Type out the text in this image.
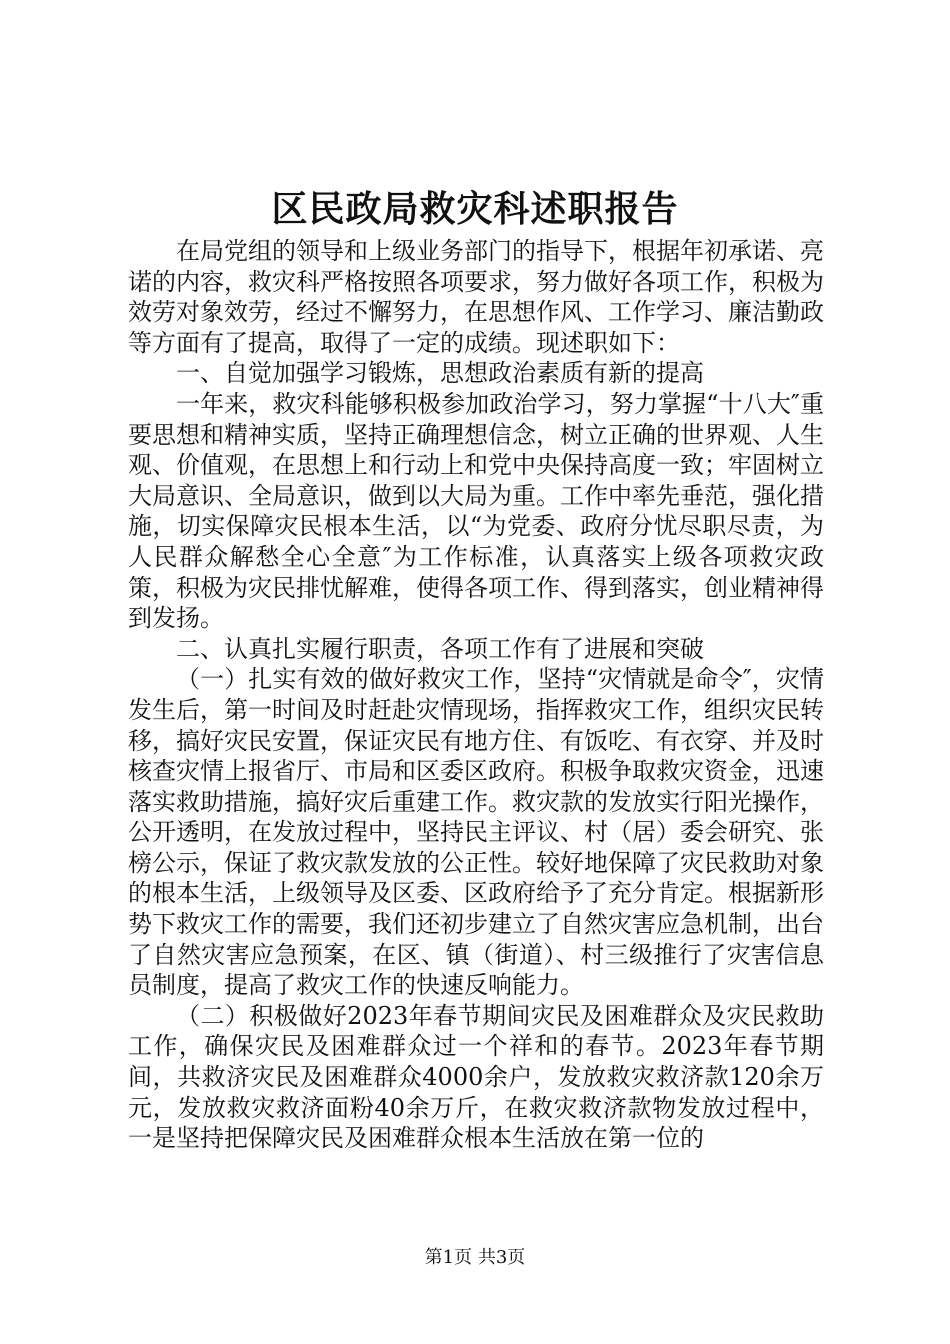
区民政局救灾科述职报告

在局党组的领导和上级业务部门的指导下，根据年初承诺、亮诺的内容，救灾科严格按照各项要求，努力做好各项工作，积极为效劳对象效劳，经过不懈努力，在思想作风、工作学习、廉洁勤政等方面有了提高，取得了一定的成绩。现述职如下：

一、自觉加强学习锻炼，思想政治素质有新的提高

一年来，救灾科能够积极参加政治学习，努力掌握“十八大″重要思想和精神实质，坚持正确理想信念，树立正确的世界观、人生观、价值观，在思想上和行动上和党中央保持高度一致；牢固树立大局意识、全局意识，做到以大局为重。工作中率先垂范，强化措施，切实保障灾民根本生活，以“为党委、政府分忧尽职尽责，为人民群众解愁全心全意″为工作标准，认真落实上级各项救灾政策，积极为灾民排忧解难，使得各项工作、得到落实，创业精神得到发扬。

二、认真扎实履行职责，各项工作有了进展和突破

（一）扎实有效的做好救灾工作，坚持“灾情就是命令″，灾情发生后，第一时间及时赶赴灾情现场，指挥救灾工作，组织灾民转移，搞好灾民安置，保证灾民有地方住、有饭吃、有衣穿、并及时核查灾情上报省厅、市局和区委区政府。积极争取救灾资金，迅速落实救助措施，搞好灾后重建工作。救灾款的发放实行阳光操作，公开透明，在发放过程中，坚持民主评议、村（居）委会研究、张榜公示，保证了救灾款发放的公正性。较好地保障了灾民救助对象的根本生活，上级领导及区委、区政府给予了充分肯定。根据新形势下救灾工作的需要，我们还初步建立了自然灾害应急机制，出台了自然灾害应急预案，在区、镇（街道）、村三级推行了灾害信息员制度，提高了救灾工作的快速反响能力。

（二）积极做好2023年春节期间灾民及困难群众及灾民救助工作，确保灾民及困难群众过一个祥和的春节。2023年春节期间，共救济灾民及困难群众4000余户，发放救灾救济款120余万元，发放救灾救济面粉40余万斤，在救灾救济款物发放过程中，一是坚持把保障灾民及困难群众根本生活放在第一位的

第1页 共3页
